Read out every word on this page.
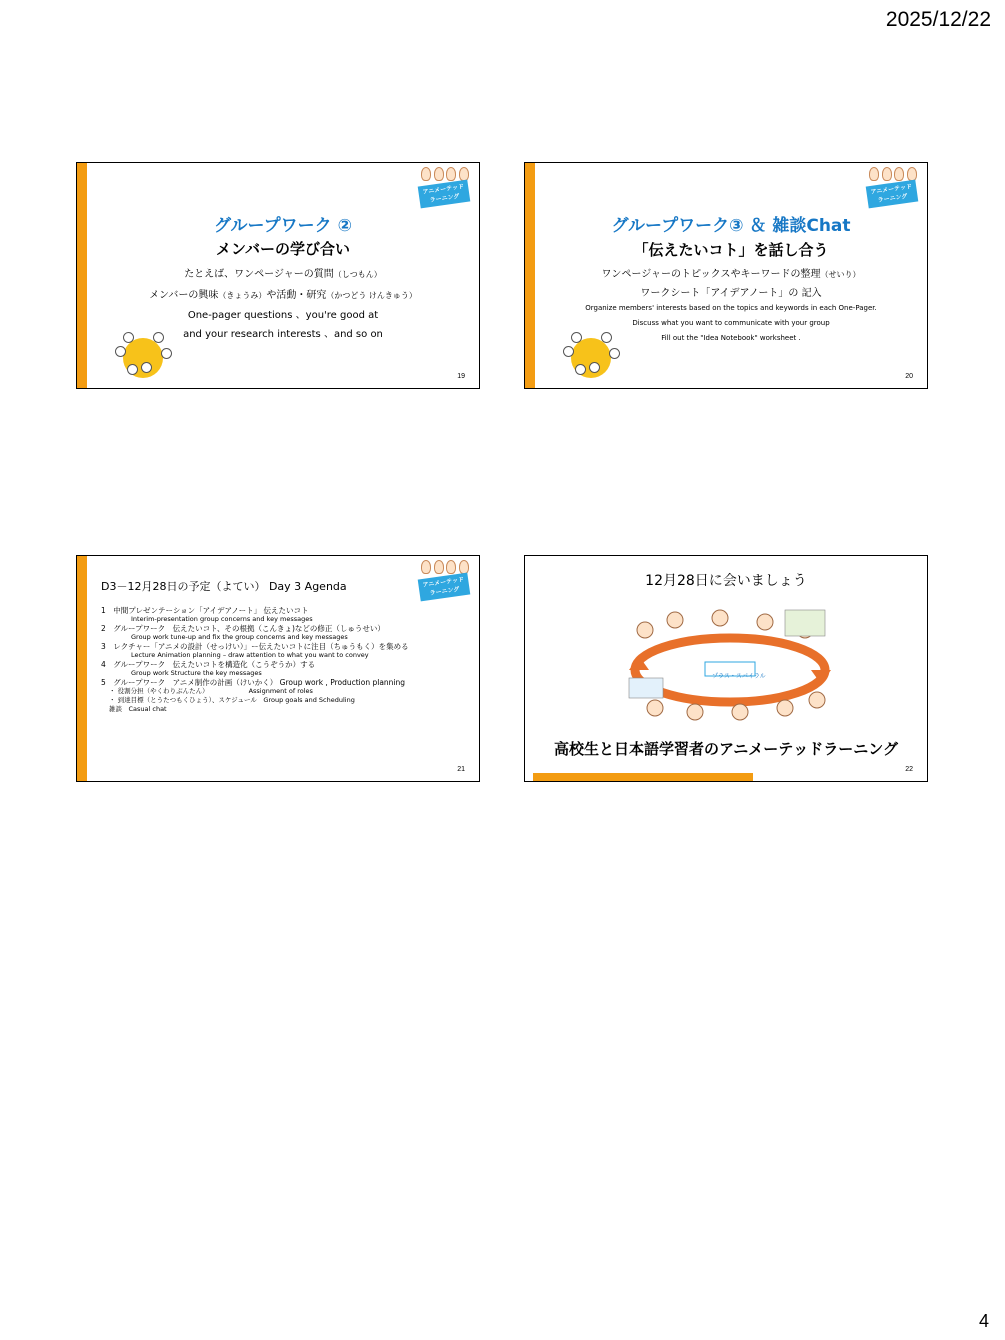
2025/12/22
アニメーテッド
ラーニング
グループワーク ②
メンバーの学び合い
たとえば、ワンページャーの質問（しつもん）
メンバーの興味（きょうみ）や活動・研究（かつどう けんきゅう）
One-pager questions 、you're good at
and your research interests 、and so on
19
アニメーテッド
ラーニング
グループワーク③ ＆ 雑談Chat
「伝えたいコト」を話し合う
ワンページャーのトピックスやキーワードの整理（せいり）
ワークシート「アイデアノート」の 記入
Organize members' interests based on the topics and keywords in each One-Pager.
Discuss what you want to communicate with your group
Fill out the "Idea Notebook" worksheet .
20
アニメーテッド
ラーニング
D3－12月28日の予定（よてい） Day 3 Agenda
1　中間プレゼンテーション「アイデアノート」 伝えたいコト
Interim-presentation group concerns and key messages
2　グループワーク　伝えたいコト、その根拠（こんきょ)などの修正（しゅうせい）
Group work tune-up and fix the group concerns and key messages
3　レクチャー「アニメの設計（せっけい）」ー伝えたいコトに注目（ちゅうもく）を集める
Lecture Animation planning – draw attention to what you want to convey
4　グループワーク　伝えたいコトを構造化（こうぞうか）する
Group work Structure the key messages
5　グループワーク　アニメ制作の計画（けいかく） Group work , Production planning
・ 役割分担（やくわりぶんたん）	Assignment of roles
・ 到達目標（とうたつもくひょう）、スケジュール　Group goals and Scheduling
雑談　Casual chat
21
12月28日に会いましょう
プラス・スパイラル
高校生と日本語学習者のアニメーテッドラーニング
22
4
